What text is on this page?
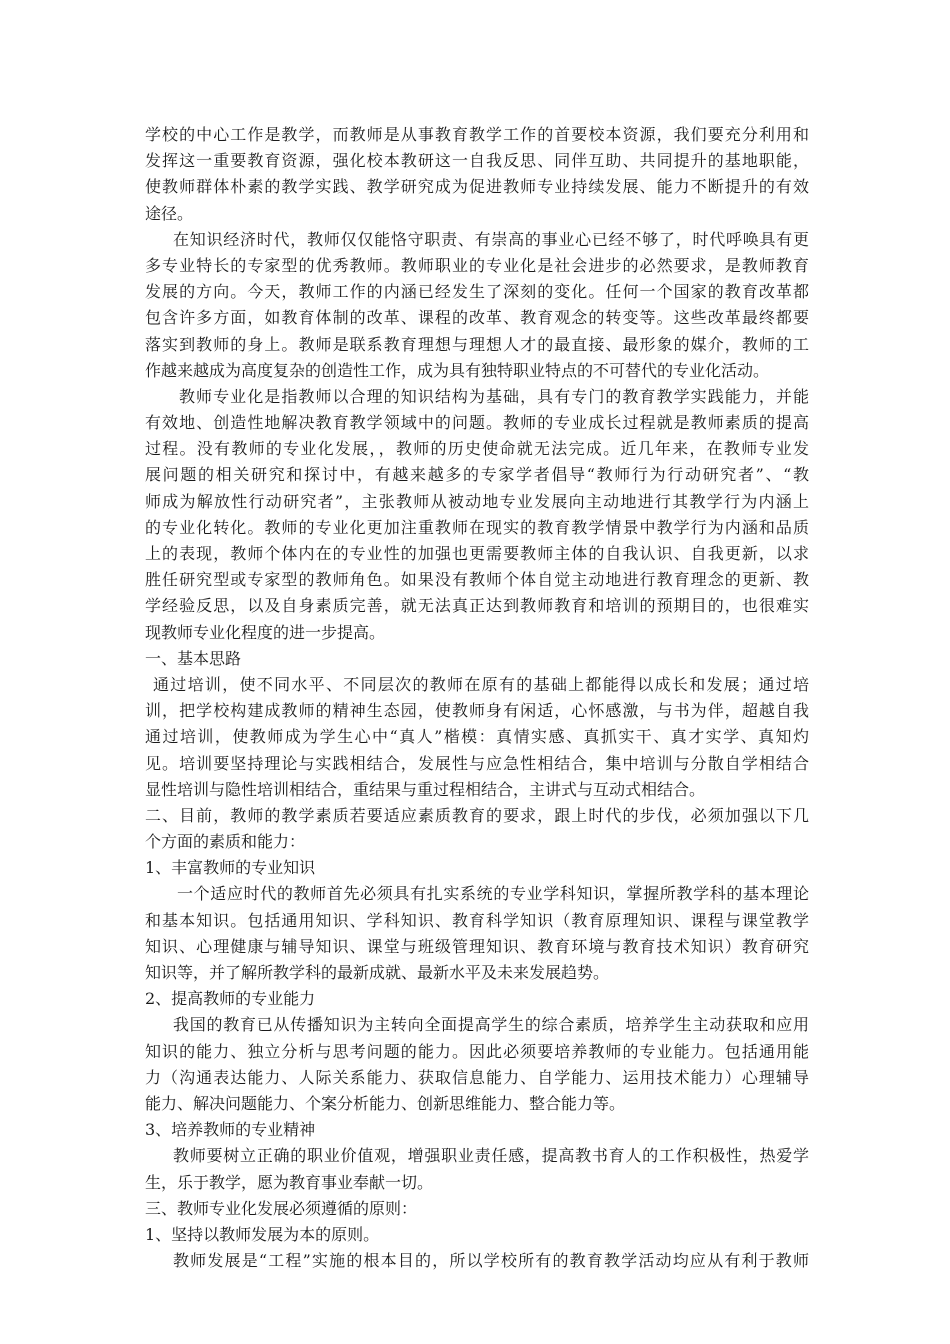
学校的中心工作是教学，而教师是从事教育教学工作的首要校本资源，我们要充分利用和
发挥这一重要教育资源，强化校本教研这一自我反思、同伴互助、共同提升的基地职能，
使教师群体朴素的教学实践、教学研究成为促进教师专业持续发展、能力不断提升的有效
途径。
在知识经济时代，教师仅仅能恪守职责、有崇高的事业心已经不够了，时代呼唤具有更
多专业特长的专家型的优秀教师。教师职业的专业化是社会进步的必然要求，是教师教育
发展的方向。今天，教师工作的内涵已经发生了深刻的变化。任何一个国家的教育改革都
包含许多方面，如教育体制的改革、课程的改革、教育观念的转变等。这些改革最终都要
落实到教师的身上。教师是联系教育理想与理想人才的最直接、最形象的媒介，教师的工
作越来越成为高度复杂的创造性工作，成为具有独特职业特点的不可替代的专业化活动。
教师专业化是指教师以合理的知识结构为基础，具有专门的教育教学实践能力，并能
有效地、创造性地解决教育教学领域中的问题。教师的专业成长过程就是教师素质的提高
过程。没有教师的专业化发展，，教师的历史使命就无法完成。近几年来，在教师专业发
展问题的相关研究和探讨中，有越来越多的专家学者倡导“教师行为行动研究者”、“教
师成为解放性行动研究者”，主张教师从被动地专业发展向主动地进行其教学行为内涵上
的专业化转化。教师的专业化更加注重教师在现实的教育教学情景中教学行为内涵和品质
上的表现，教师个体内在的专业性的加强也更需要教师主体的自我认识、自我更新，以求
胜任研究型或专家型的教师角色。如果没有教师个体自觉主动地进行教育理念的更新、教
学经验反思，以及自身素质完善，就无法真正达到教师教育和培训的预期目的，也很难实
现教师专业化程度的进一步提高。
一、基本思路
通过培训，使不同水平、不同层次的教师在原有的基础上都能得以成长和发展；通过培
训，把学校构建成教师的精神生态园，使教师身有闲适，心怀感激，与书为伴，超越自我
通过培训，使教师成为学生心中“真人”楷模：真情实感、真抓实干、真才实学、真知灼
见。培训要坚持理论与实践相结合，发展性与应急性相结合，集中培训与分散自学相结合
显性培训与隐性培训相结合，重结果与重过程相结合，主讲式与互动式相结合。
二、目前，教师的教学素质若要适应素质教育的要求，跟上时代的步伐，必须加强以下几
个方面的素质和能力：
1、丰富教师的专业知识
一个适应时代的教师首先必须具有扎实系统的专业学科知识，掌握所教学科的基本理论
和基本知识。包括通用知识、学科知识、教育科学知识（教育原理知识、课程与课堂教学
知识、心理健康与辅导知识、课堂与班级管理知识、教育环境与教育技术知识）教育研究
知识等，并了解所教学科的最新成就、最新水平及未来发展趋势。
2、提高教师的专业能力
我国的教育已从传播知识为主转向全面提高学生的综合素质，培养学生主动获取和应用
知识的能力、独立分析与思考问题的能力。因此必须要培养教师的专业能力。包括通用能
力（沟通表达能力、人际关系能力、获取信息能力、自学能力、运用技术能力）心理辅导
能力、解决问题能力、个案分析能力、创新思维能力、整合能力等。
3、培养教师的专业精神
教师要树立正确的职业价值观，增强职业责任感，提高教书育人的工作积极性，热爱学
生，乐于教学，愿为教育事业奉献一切。
三、教师专业化发展必须遵循的原则：
1、坚持以教师发展为本的原则。
教师发展是“工程”实施的根本目的，所以学校所有的教育教学活动均应从有利于教师
